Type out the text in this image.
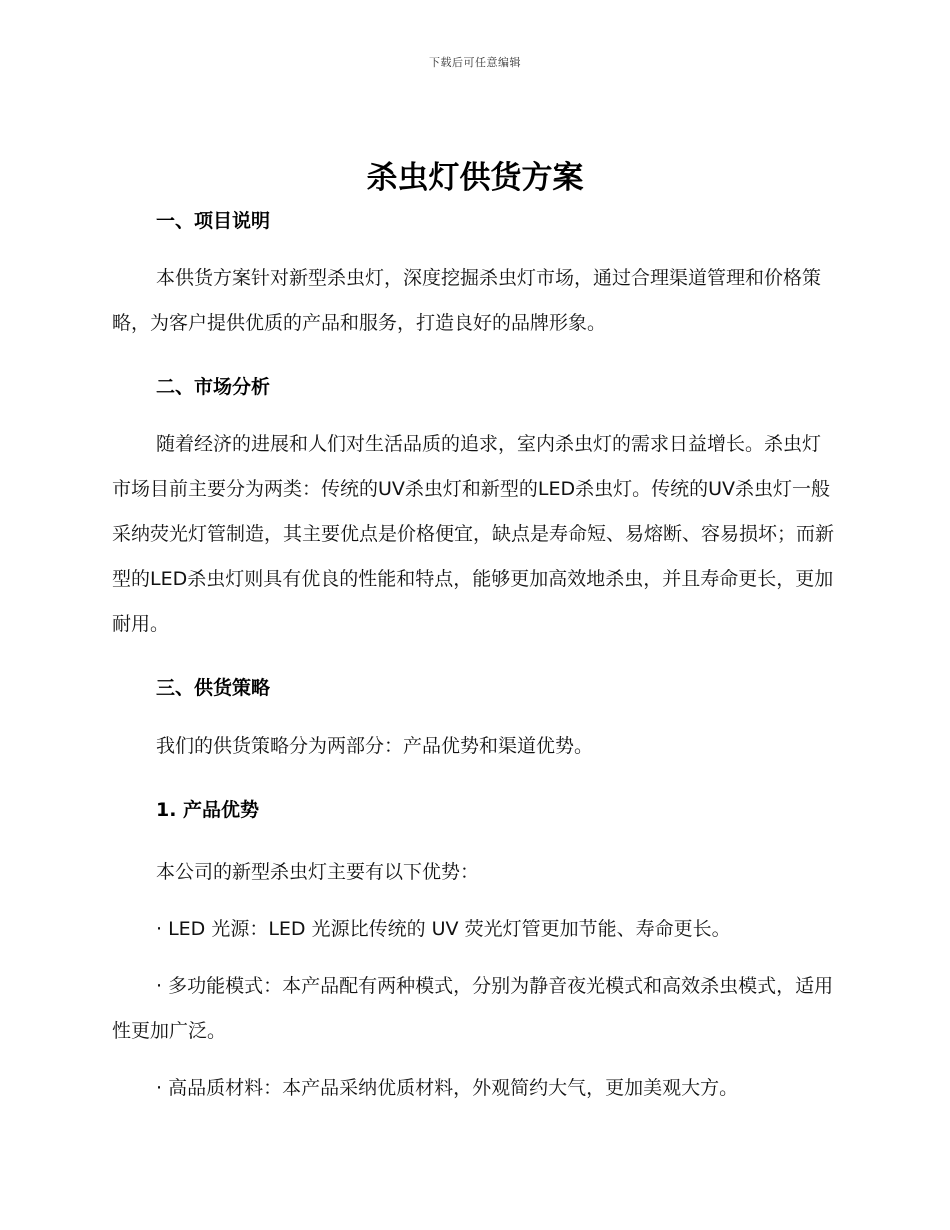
下载后可任意编辑
杀虫灯供货方案
一、项目说明

本供货方案针对新型杀虫灯，深度挖掘杀虫灯市场，通过合理渠道管理和价格策略，为客户提供优质的产品和服务，打造良好的品牌形象。

二、市场分析

随着经济的进展和人们对生活品质的追求，室内杀虫灯的需求日益增长。杀虫灯市场目前主要分为两类：传统的UV杀虫灯和新型的LED杀虫灯。传统的UV杀虫灯一般采纳荧光灯管制造，其主要优点是价格便宜，缺点是寿命短、易熔断、容易损坏；而新型的LED杀虫灯则具有优良的性能和特点，能够更加高效地杀虫，并且寿命更长，更加耐用。

三、供货策略

我们的供货策略分为两部分：产品优势和渠道优势。

1. 产品优势

本公司的新型杀虫灯主要有以下优势：

· LED 光源：LED 光源比传统的 UV 荧光灯管更加节能、寿命更长。

· 多功能模式：本产品配有两种模式，分别为静音夜光模式和高效杀虫模式，适用性更加广泛。

· 高品质材料：本产品采纳优质材料，外观简约大气，更加美观大方。
